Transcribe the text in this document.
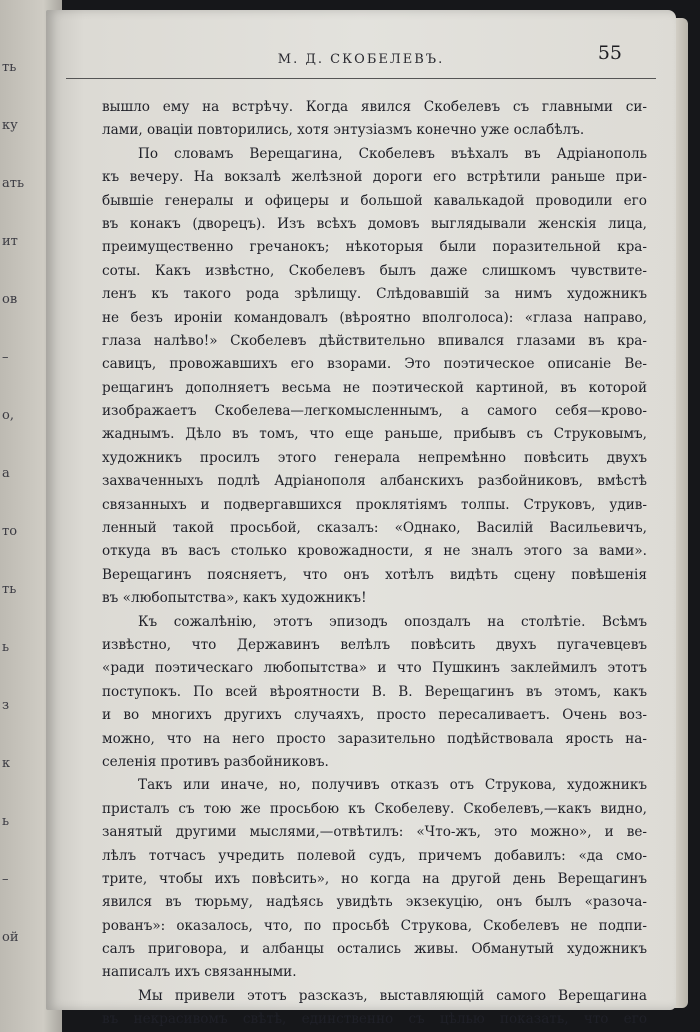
ть
ку
ать
ит
ов
–
о,
а
то
ть
ь
з
к
ь
–
ой
М. Д. СКОБЕЛЕВЪ.	55
вышло ему на встрѣчу. Когда явился Скобелевъ съ главными си-
лами, оваціи повторились, хотя энтузіазмъ конечно уже ослабѣлъ.
По словамъ Верещагина, Скобелевъ въѣхалъ въ Адріанополь
къ вечеру. На вокзалѣ желѣзной дороги его встрѣтили раньше при-
бывшіе генералы и офицеры и большой кавалькадой проводили его
въ конакъ (дворецъ). Изъ всѣхъ домовъ выглядывали женскія лица,
преимущественно гречанокъ; нѣкоторыя были поразительной кра-
соты. Какъ извѣстно, Скобелевъ былъ даже слишкомъ чувствите-
ленъ къ такого рода зрѣлищу. Слѣдовавшій за нимъ художникъ
не безъ ироніи командовалъ (вѣроятно вполголоса): «глаза направо,
глаза налѣво!» Скобелевъ дѣйствительно впивался глазами въ кра-
савицъ, провожавшихъ его взорами. Это поэтическое описаніе Ве-
рещагинъ дополняетъ весьма не поэтической картиной, въ которой
изображаетъ Скобелева—легкомысленнымъ, а самого себя—крово-
жаднымъ. Дѣло въ томъ, что еще раньше, прибывъ съ Струковымъ,
художникъ просилъ этого генерала непремѣнно повѣсить двухъ
захваченныхъ подлѣ Адріанополя албанскихъ разбойниковъ, вмѣстѣ
связанныхъ и подвергавшихся проклятіямъ толпы. Струковъ, удив-
ленный такой просьбой, сказалъ: «Однако, Василій Васильевичъ,
откуда въ васъ столько кровожадности, я не зналъ этого за вами».
Верещагинъ поясняетъ, что онъ хотѣлъ видѣть сцену повѣшенія
въ «любопытства», какъ художникъ!
Къ сожалѣнію, этотъ эпизодъ опоздалъ на столѣтіе. Всѣмъ
извѣстно, что Державинъ велѣлъ повѣсить двухъ пугачевцевъ
«ради поэтическаго любопытства» и что Пушкинъ заклеймилъ этотъ
поступокъ. По всей вѣроятности В. В. Верещагинъ въ этомъ, какъ
и во многихъ другихъ случаяхъ, просто пересаливаетъ. Очень воз-
можно, что на него просто заразительно подѣйствовала ярость на-
селенія противъ разбойниковъ.
Такъ или иначе, но, получивъ отказъ отъ Струкова, художникъ
присталъ съ тою же просьбою къ Скобелеву. Скобелевъ,—какъ видно,
занятый другими мыслями,—отвѣтилъ: «Что-жъ, это можно», и ве-
лѣлъ тотчасъ учредить полевой судъ, причемъ добавилъ: «да смо-
трите, чтобы ихъ повѣсить», но когда на другой день Верещагинъ
явился въ тюрьму, надѣясь увидѣть экзекуцію, онъ былъ «разоча-
рованъ»: оказалось, что, по просьбѣ Струкова, Скобелевъ не подпи-
салъ приговора, и албанцы остались живы. Обманутый художникъ
написалъ ихъ связанными.
Мы привели этотъ разсказъ, выставляющій самого Верещагина
въ некрасивомъ свѣтѣ, единственно съ цѣлью показать, что его
